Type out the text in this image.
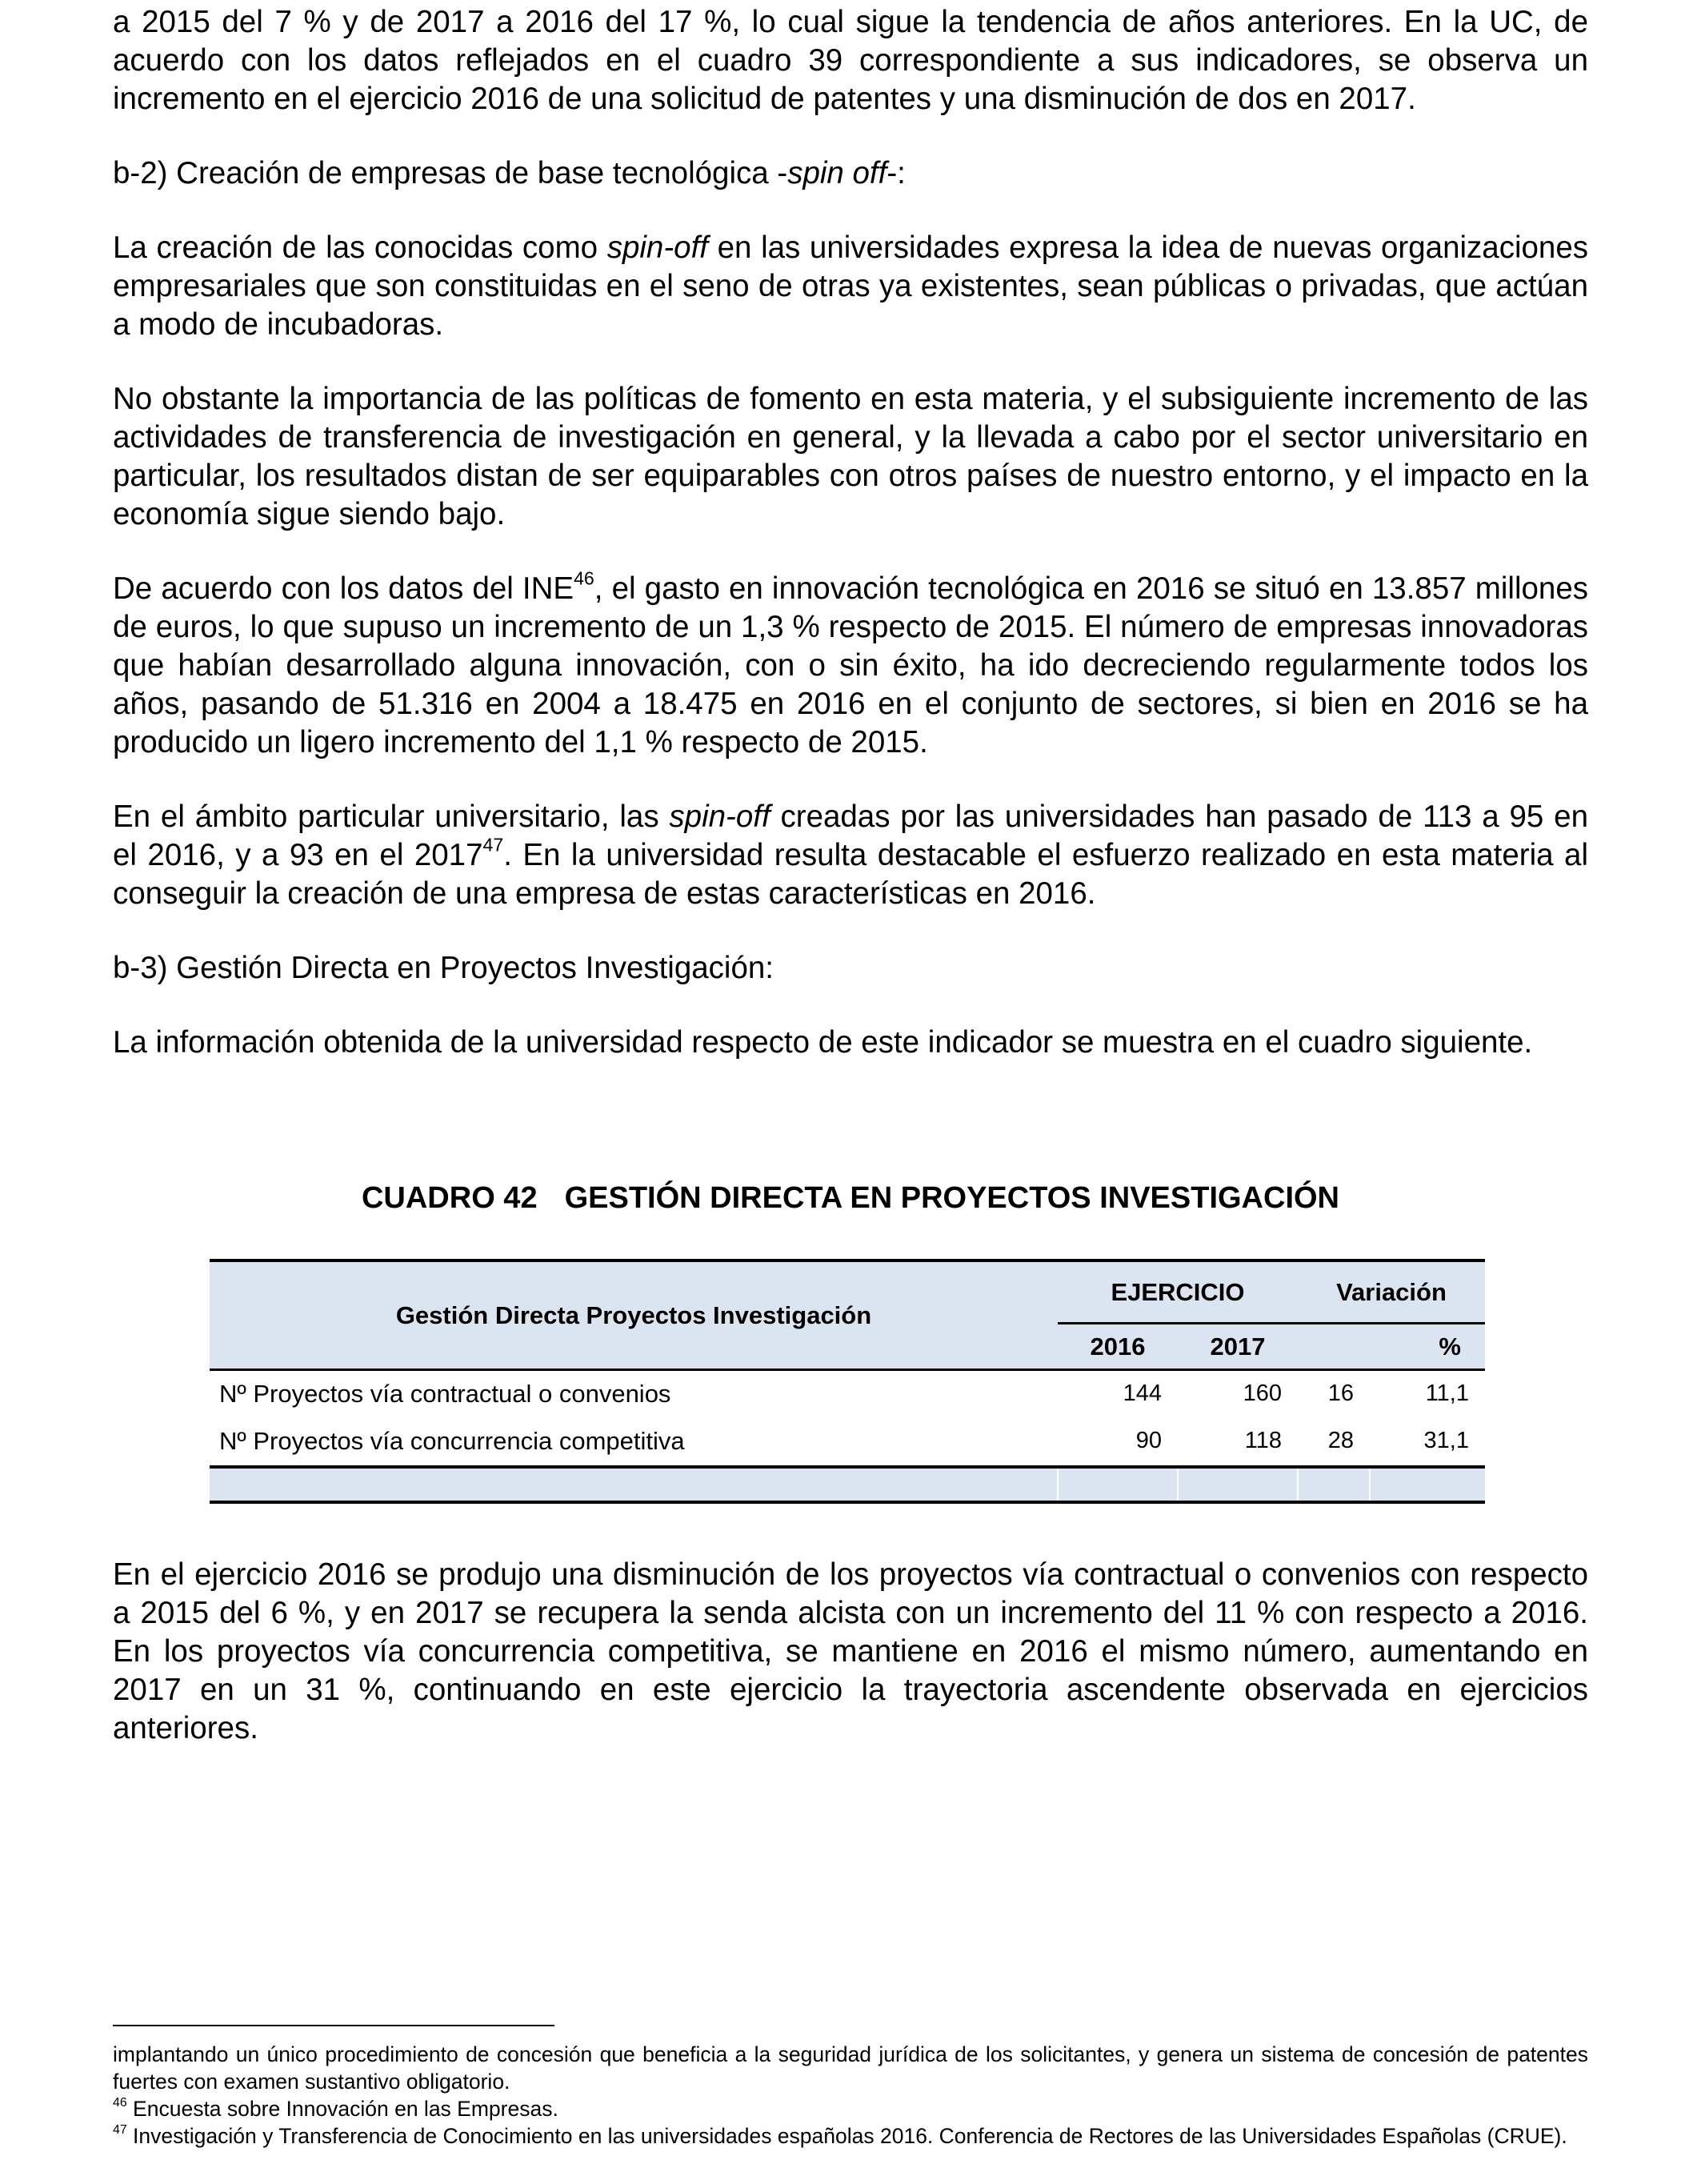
a 2015 del 7 % y de 2017 a 2016 del 17 %, lo cual sigue la tendencia de años anteriores. En la UC, de acuerdo con los datos reflejados en el cuadro 39 correspondiente a sus indicadores, se observa un incremento en el ejercicio 2016 de una solicitud de patentes y una disminución de dos en 2017.

b-2) Creación de empresas de base tecnológica -spin off-:

La creación de las conocidas como spin-off en las universidades expresa la idea de nuevas organizaciones empresariales que son constituidas en el seno de otras ya existentes, sean públicas o privadas, que actúan a modo de incubadoras.

No obstante la importancia de las políticas de fomento en esta materia, y el subsiguiente incremento de las actividades de transferencia de investigación en general, y la llevada a cabo por el sector universitario en particular, los resultados distan de ser equiparables con otros países de nuestro entorno, y el impacto en la economía sigue siendo bajo.

De acuerdo con los datos del INE$^{46}$, el gasto en innovación tecnológica en 2016 se situó en 13.857 millones de euros, lo que supuso un incremento de un 1,3 % respecto de 2015. El número de empresas innovadoras que habían desarrollado alguna innovación, con o sin éxito, ha ido decreciendo regularmente todos los años, pasando de 51.316 en 2004 a 18.475 en 2016 en el conjunto de sectores, si bien en 2016 se ha producido un ligero incremento del 1,1 % respecto de 2015.

En el ámbito particular universitario, las spin-off creadas por las universidades han pasado de 113 a 95 en el 2016, y a 93 en el 2017$^{47}$. En la universidad resulta destacable el esfuerzo realizado en esta materia al conseguir la creación de una empresa de estas características en 2016.

b-3) Gestión Directa en Proyectos Investigación:

La información obtenida de la universidad respecto de este indicador se muestra en el cuadro siguiente.

CUADRO 42 GESTIÓN DIRECTA EN PROYECTOS INVESTIGACIÓN
Gestión Directa Proyectos Investigación	EJERCICIO		Variación	
	2016	2017		%
Nº Proyectos vía contractual o convenios	144	160	16	11,1
Nº Proyectos vía concurrencia competitiva	90	118	28	31,1

En el ejercicio 2016 se produjo una disminución de los proyectos vía contractual o convenios con respecto a 2015 del 6 %, y en 2017 se recupera la senda alcista con un incremento del 11 % con respecto a 2016. En los proyectos vía concurrencia competitiva, se mantiene en 2016 el mismo número, aumentando en 2017 en un 31 %, continuando en este ejercicio la trayectoria ascendente observada en ejercicios anteriores.

implantando un único procedimiento de concesión que beneficia a la seguridad jurídica de los solicitantes, y genera un sistema de concesión de patentes fuertes con examen sustantivo obligatorio.
$^{46}$ Encuesta sobre Innovación en las Empresas.
$^{47}$ Investigación y Transferencia de Conocimiento en las universidades españolas 2016. Conferencia de Rectores de las Universidades Españolas (CRUE).
